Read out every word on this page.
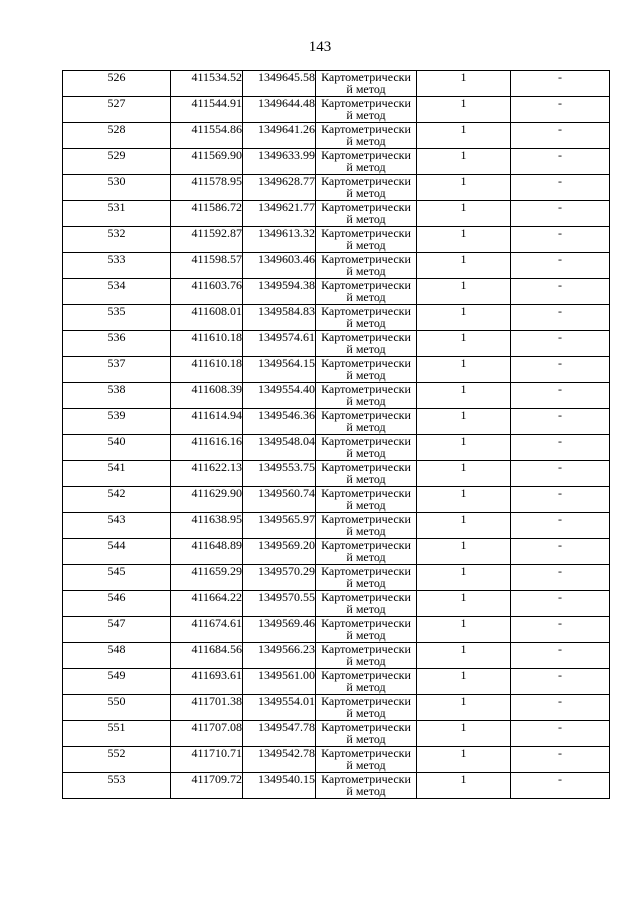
143
526	411534.52	1349645.58	Картометрически
й метод	1	-
527	411544.91	1349644.48	Картометрически
й метод	1	-
528	411554.86	1349641.26	Картометрически
й метод	1	-
529	411569.90	1349633.99	Картометрически
й метод	1	-
530	411578.95	1349628.77	Картометрически
й метод	1	-
531	411586.72	1349621.77	Картометрически
й метод	1	-
532	411592.87	1349613.32	Картометрически
й метод	1	-
533	411598.57	1349603.46	Картометрически
й метод	1	-
534	411603.76	1349594.38	Картометрически
й метод	1	-
535	411608.01	1349584.83	Картометрически
й метод	1	-
536	411610.18	1349574.61	Картометрически
й метод	1	-
537	411610.18	1349564.15	Картометрически
й метод	1	-
538	411608.39	1349554.40	Картометрически
й метод	1	-
539	411614.94	1349546.36	Картометрически
й метод	1	-
540	411616.16	1349548.04	Картометрически
й метод	1	-
541	411622.13	1349553.75	Картометрически
й метод	1	-
542	411629.90	1349560.74	Картометрически
й метод	1	-
543	411638.95	1349565.97	Картометрически
й метод	1	-
544	411648.89	1349569.20	Картометрически
й метод	1	-
545	411659.29	1349570.29	Картометрически
й метод	1	-
546	411664.22	1349570.55	Картометрически
й метод	1	-
547	411674.61	1349569.46	Картометрически
й метод	1	-
548	411684.56	1349566.23	Картометрически
й метод	1	-
549	411693.61	1349561.00	Картометрически
й метод	1	-
550	411701.38	1349554.01	Картометрически
й метод	1	-
551	411707.08	1349547.78	Картометрически
й метод	1	-
552	411710.71	1349542.78	Картометрически
й метод	1	-
553	411709.72	1349540.15	Картометрически
й метод	1	-
